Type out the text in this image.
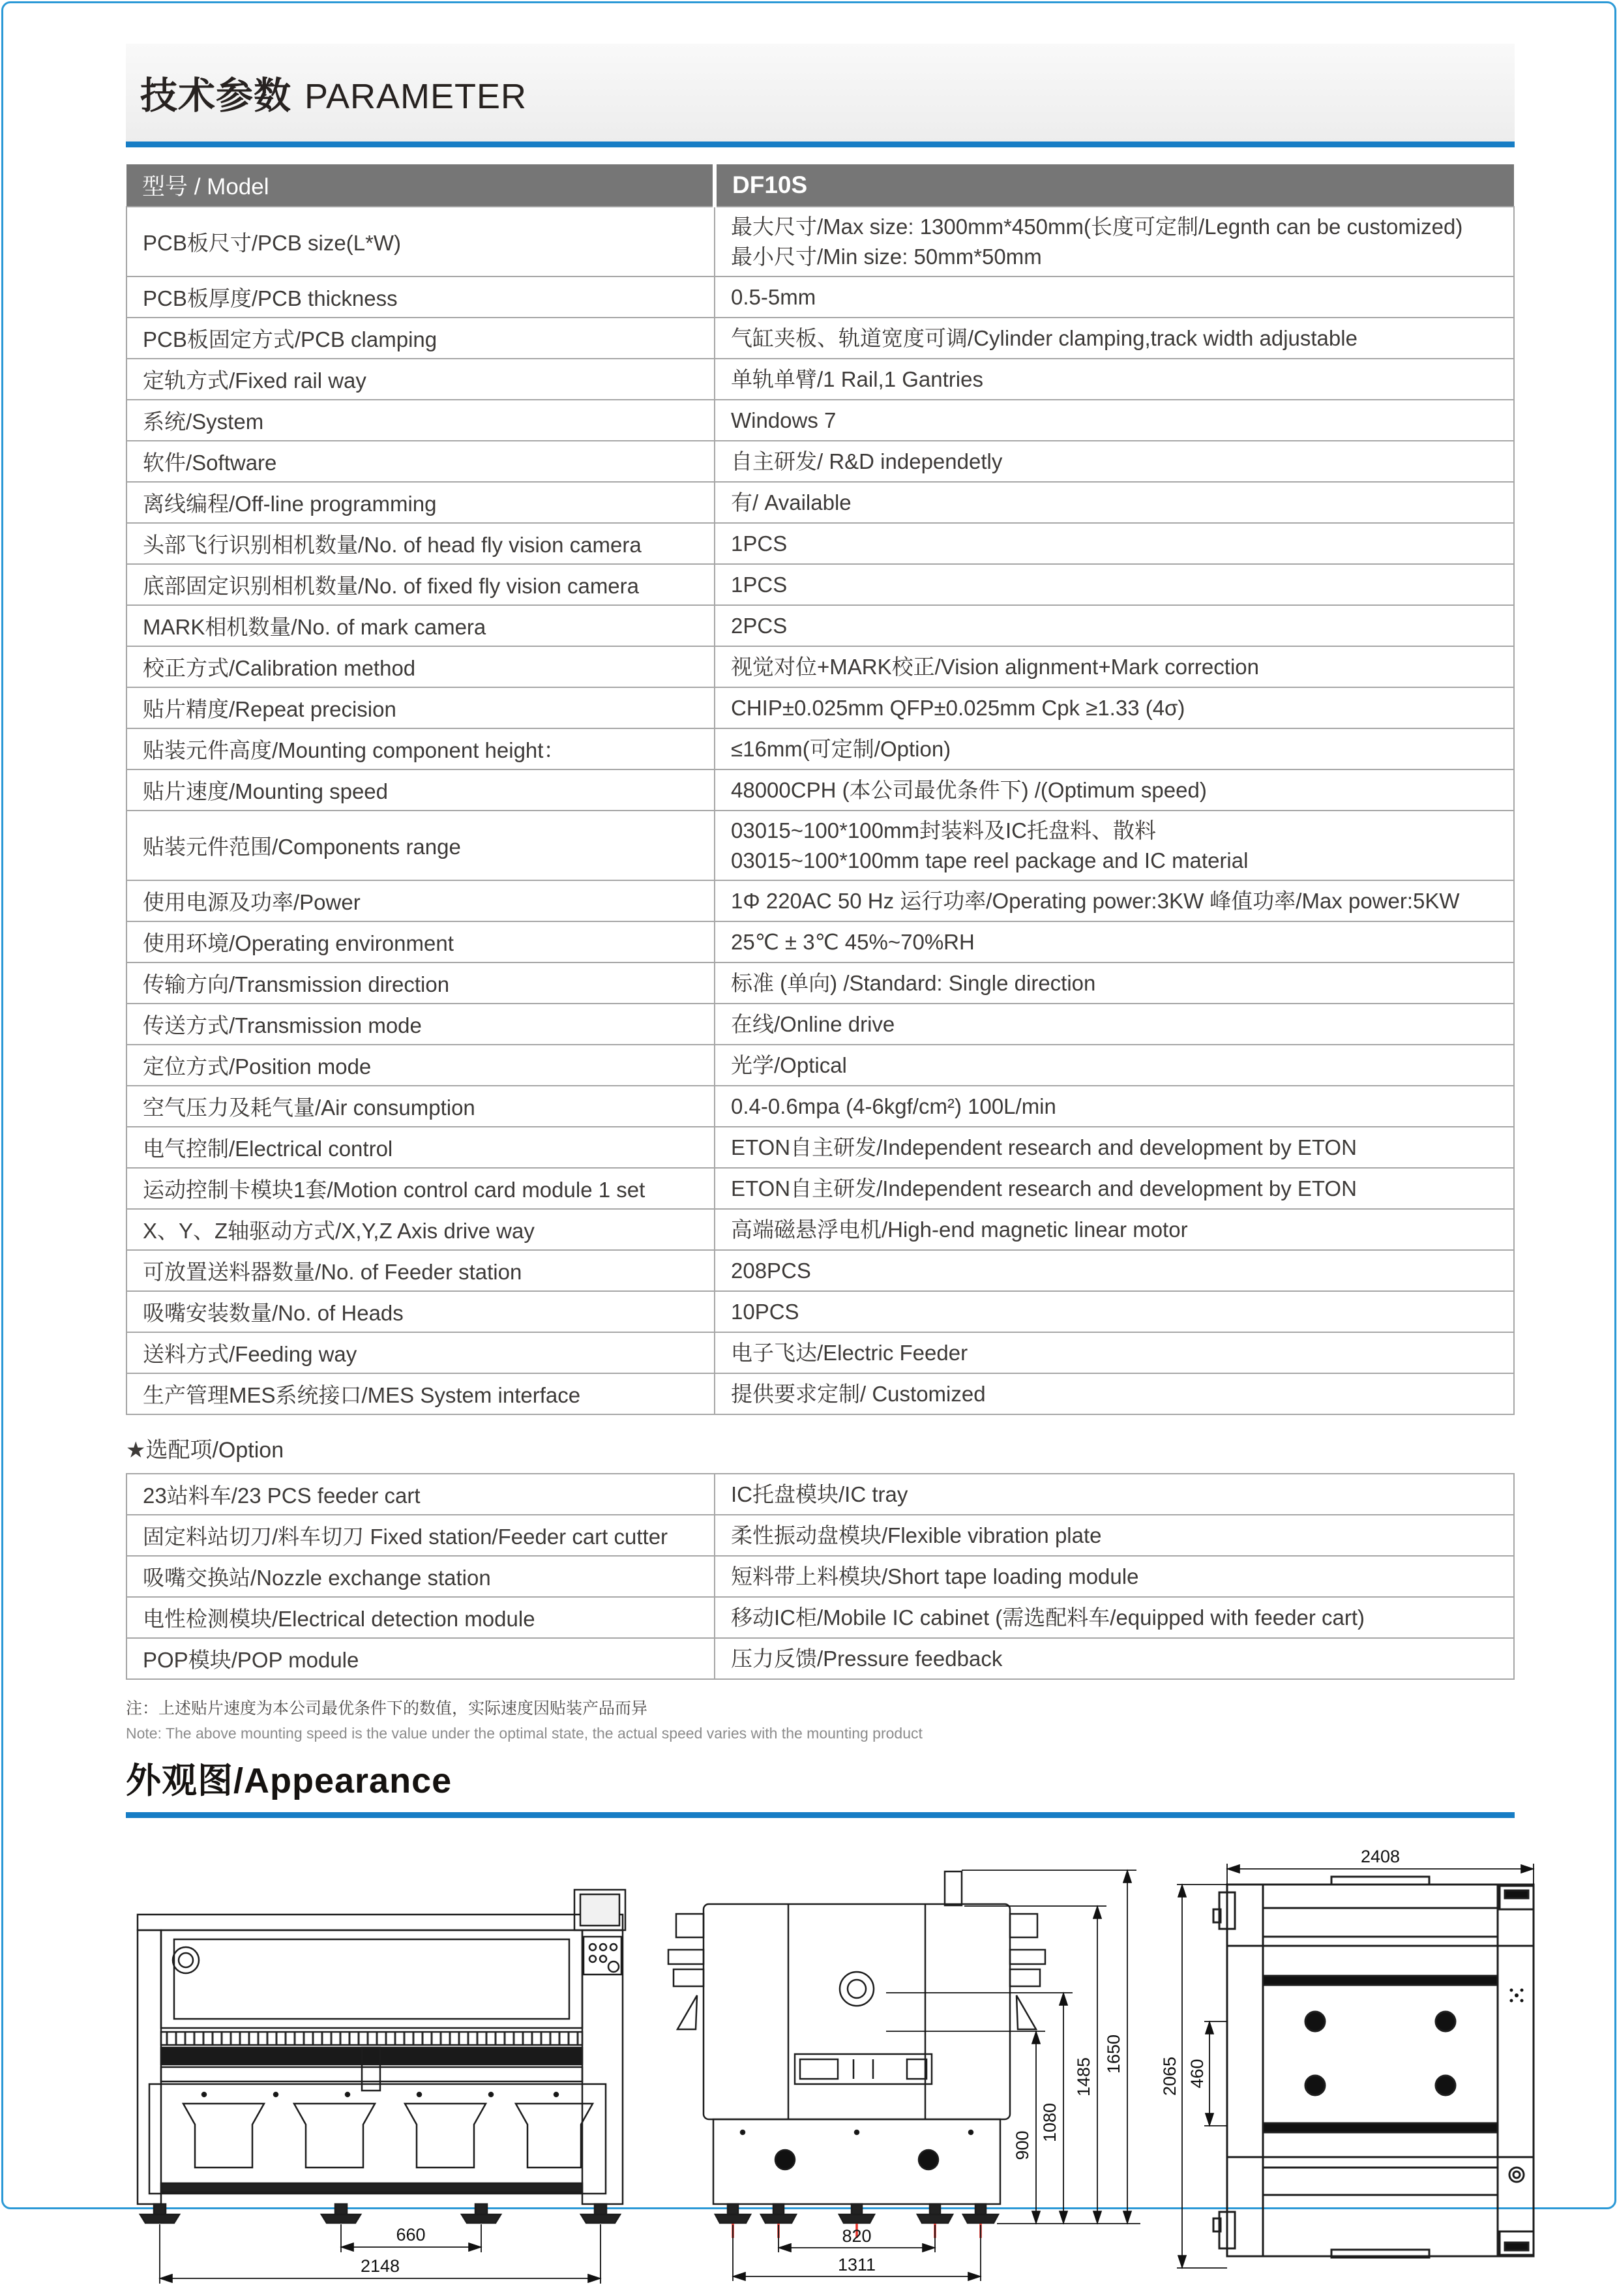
技术参数 PARAMETER
型号 / Model	DF10S
PCB板尺寸/PCB size(L*W)	最大尺寸/Max size: 1300mm*450mm(长度可定制/Legnth can be customized)
最小尺寸/Min size: 50mm*50mm

PCB板厚度/PCB thickness	0.5-5mm

PCB板固定方式/PCB clamping	气缸夹板、轨道宽度可调/Cylinder clamping,track width adjustable

定轨方式/Fixed rail way	单轨单臂/1 Rail,1 Gantries

系统/System	Windows 7

软件/Software	自主研发/ R&D independetly

离线编程/Off-line programming	有/ Available

头部飞行识别相机数量/No. of head fly vision camera	1PCS

底部固定识别相机数量/No. of fixed fly vision camera	1PCS

MARK相机数量/No. of mark camera	2PCS

校正方式/Calibration method	视觉对位+MARK校正/Vision alignment+Mark correction

贴片精度/Repeat precision	CHIP±0.025mm QFP±0.025mm Cpk ≥1.33 (4σ)

贴装元件高度/Mounting component height：	≤16mm(可定制/Option)

贴片速度/Mounting speed	48000CPH (本公司最优条件下) /(Optimum speed)

贴装元件范围/Components range	03015~100*100mm封装料及IC托盘料、散料
03015~100*100mm tape reel package and IC material

使用电源及功率/Power	1Φ 220AC 50 Hz 运行功率/Operating power:3KW 峰值功率/Max power:5KW

使用环境/Operating environment	25℃ ± 3℃ 45%~70%RH

传输方向/Transmission direction	标准 (单向) /Standard: Single direction

传送方式/Transmission mode	在线/Online drive

定位方式/Position mode	光学/Optical

空气压力及耗气量/Air consumption	0.4-0.6mpa (4-6kgf/cm²) 100L/min

电气控制/Electrical control	ETON自主研发/Independent research and development by ETON

运动控制卡模块1套/Motion control card module 1 set	ETON自主研发/Independent research and development by ETON

X、Y、Z轴驱动方式/X,Y,Z Axis drive way	高端磁悬浮电机/High-end magnetic linear motor

可放置送料器数量/No. of Feeder station	208PCS

吸嘴安装数量/No. of Heads	10PCS

送料方式/Feeding way	电子飞达/Electric Feeder

生产管理MES系统接口/MES System interface	提供要求定制/ Customized
★选配项/Option
23站料车/23 PCS feeder cart	IC托盘模块/IC tray

固定料站切刀/料车切刀 Fixed station/Feeder cart cutter	柔性振动盘模块/Flexible vibration plate

吸嘴交换站/Nozzle exchange station	短料带上料模块/Short tape loading module

电性检测模块/Electrical detection module	移动IC柜/Mobile IC cabinet (需选配料车/equipped with feeder cart)

POP模块/POP module	压力反馈/Pressure feedback
注：上述贴片速度为本公司最优条件下的数值，实际速度因贴装产品而异
Note: The above mounting speed is the value under the optimal state, the actual speed varies with the mounting product
外观图/Appearance
660
2148
820
1311
900
1080
1485
1650
2408
2065 460
